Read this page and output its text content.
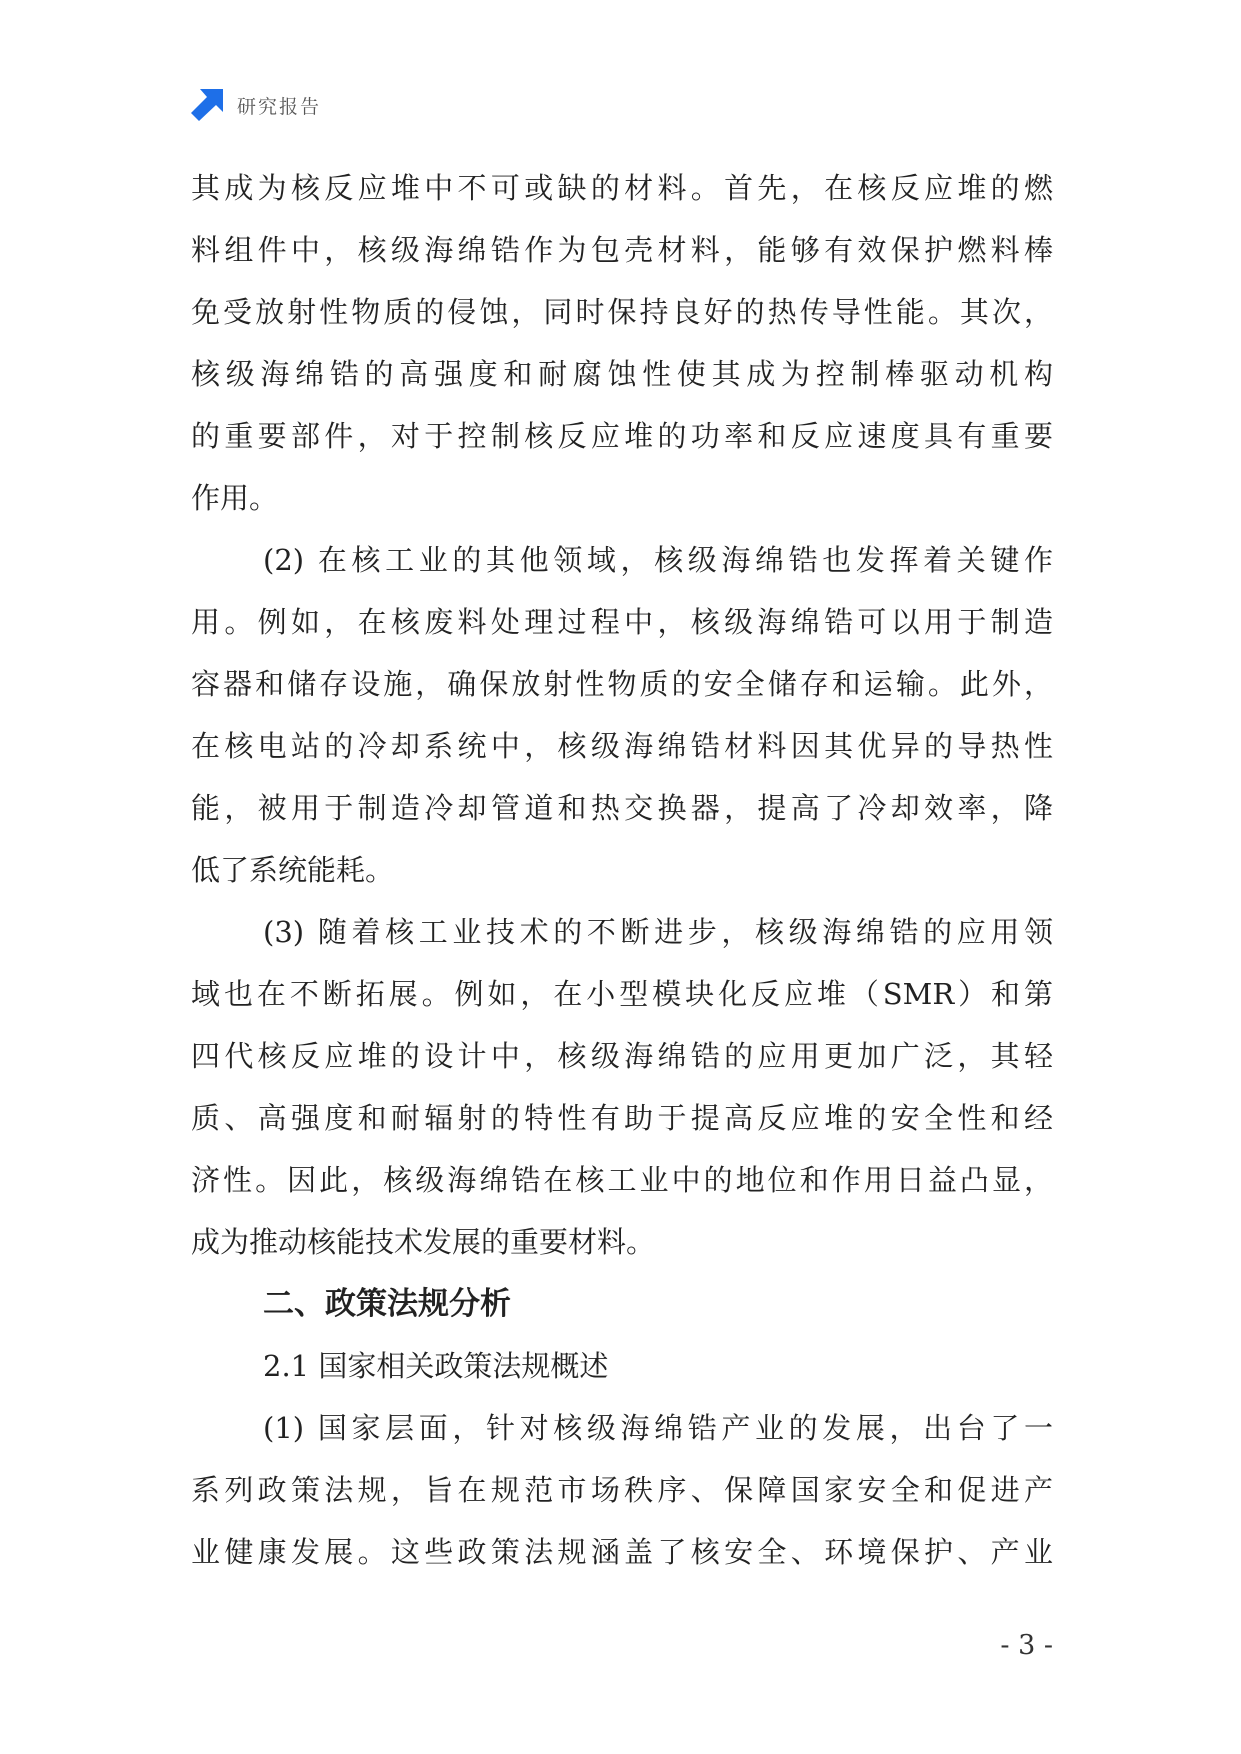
研究报告
其成为核反应堆中不可或缺的材料。首先，在核反应堆的燃
料组件中，核级海绵锆作为包壳材料，能够有效保护燃料棒
免受放射性物质的侵蚀，同时保持良好的热传导性能。其次，
核级海绵锆的高强度和耐腐蚀性使其成为控制棒驱动机构
的重要部件，对于控制核反应堆的功率和反应速度具有重要
作用。
(2) 在核工业的其他领域，核级海绵锆也发挥着关键作
用。例如，在核废料处理过程中，核级海绵锆可以用于制造
容器和储存设施，确保放射性物质的安全储存和运输。此外，
在核电站的冷却系统中，核级海绵锆材料因其优异的导热性
能，被用于制造冷却管道和热交换器，提高了冷却效率，降
低了系统能耗。
(3) 随着核工业技术的不断进步，核级海绵锆的应用领
域也在不断拓展。例如，在小型模块化反应堆（SMR）和第
四代核反应堆的设计中，核级海绵锆的应用更加广泛，其轻
质、高强度和耐辐射的特性有助于提高反应堆的安全性和经
济性。因此，核级海绵锆在核工业中的地位和作用日益凸显，
成为推动核能技术发展的重要材料。
二、政策法规分析
2.1 国家相关政策法规概述
(1) 国家层面，针对核级海绵锆产业的发展，出台了一
系列政策法规，旨在规范市场秩序、保障国家安全和促进产
业健康发展。这些政策法规涵盖了核安全、环境保护、产业
- 3 -
